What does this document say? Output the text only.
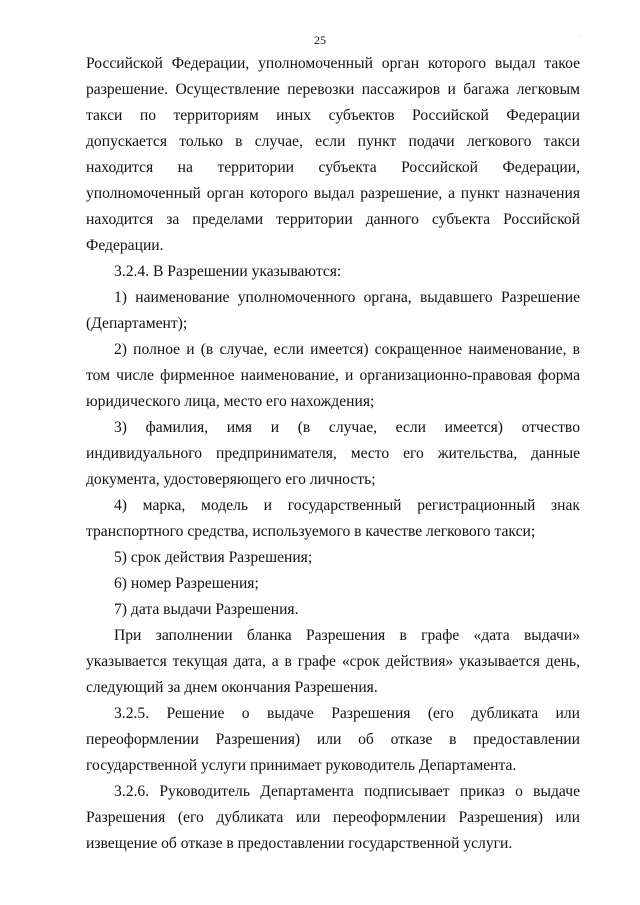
25	·

Российской Федерации, уполномоченный орган которого выдал такое разрешение. Осуществление перевозки пассажиров и багажа легковым такси по территориям иных субъектов Российской Федерации допускается только в случае, если пункт подачи легкового такси находится на территории субъекта Российской Федерации, уполномоченный орган которого выдал разрешение, а пункт назначения находится за пределами территории данного субъекта Российской Федерации.

3.2.4. В Разрешении указываются:

1) наименование уполномоченного органа, выдавшего Разрешение (Департамент);

2) полное и (в случае, если имеется) сокращенное наименование, в том числе фирменное наименование, и организационно-правовая форма юридического лица, место его нахождения;

3) фамилия, имя и (в случае, если имеется) отчество индивидуального предпринимателя, место его жительства, данные документа, удостоверяющего его личность;

4) марка, модель и государственный регистрационный знак транспортного средства, используемого в качестве легкового такси;

5) срок действия Разрешения;

6) номер Разрешения;

7) дата выдачи Разрешения.

При заполнении бланка Разрешения в графе «дата выдачи» указывается текущая дата, а в графе «срок действия» указывается день, следующий за днем окончания Разрешения.

3.2.5. Решение о выдаче Разрешения (его дубликата или переоформлении Разрешения) или об отказе в предоставлении государственной услуги принимает руководитель Департамента.

3.2.6. Руководитель Департамента подписывает приказ о выдаче Разрешения (его дубликата или переоформлении Разрешения) или извещение об отказе в предоставлении государственной услуги.
